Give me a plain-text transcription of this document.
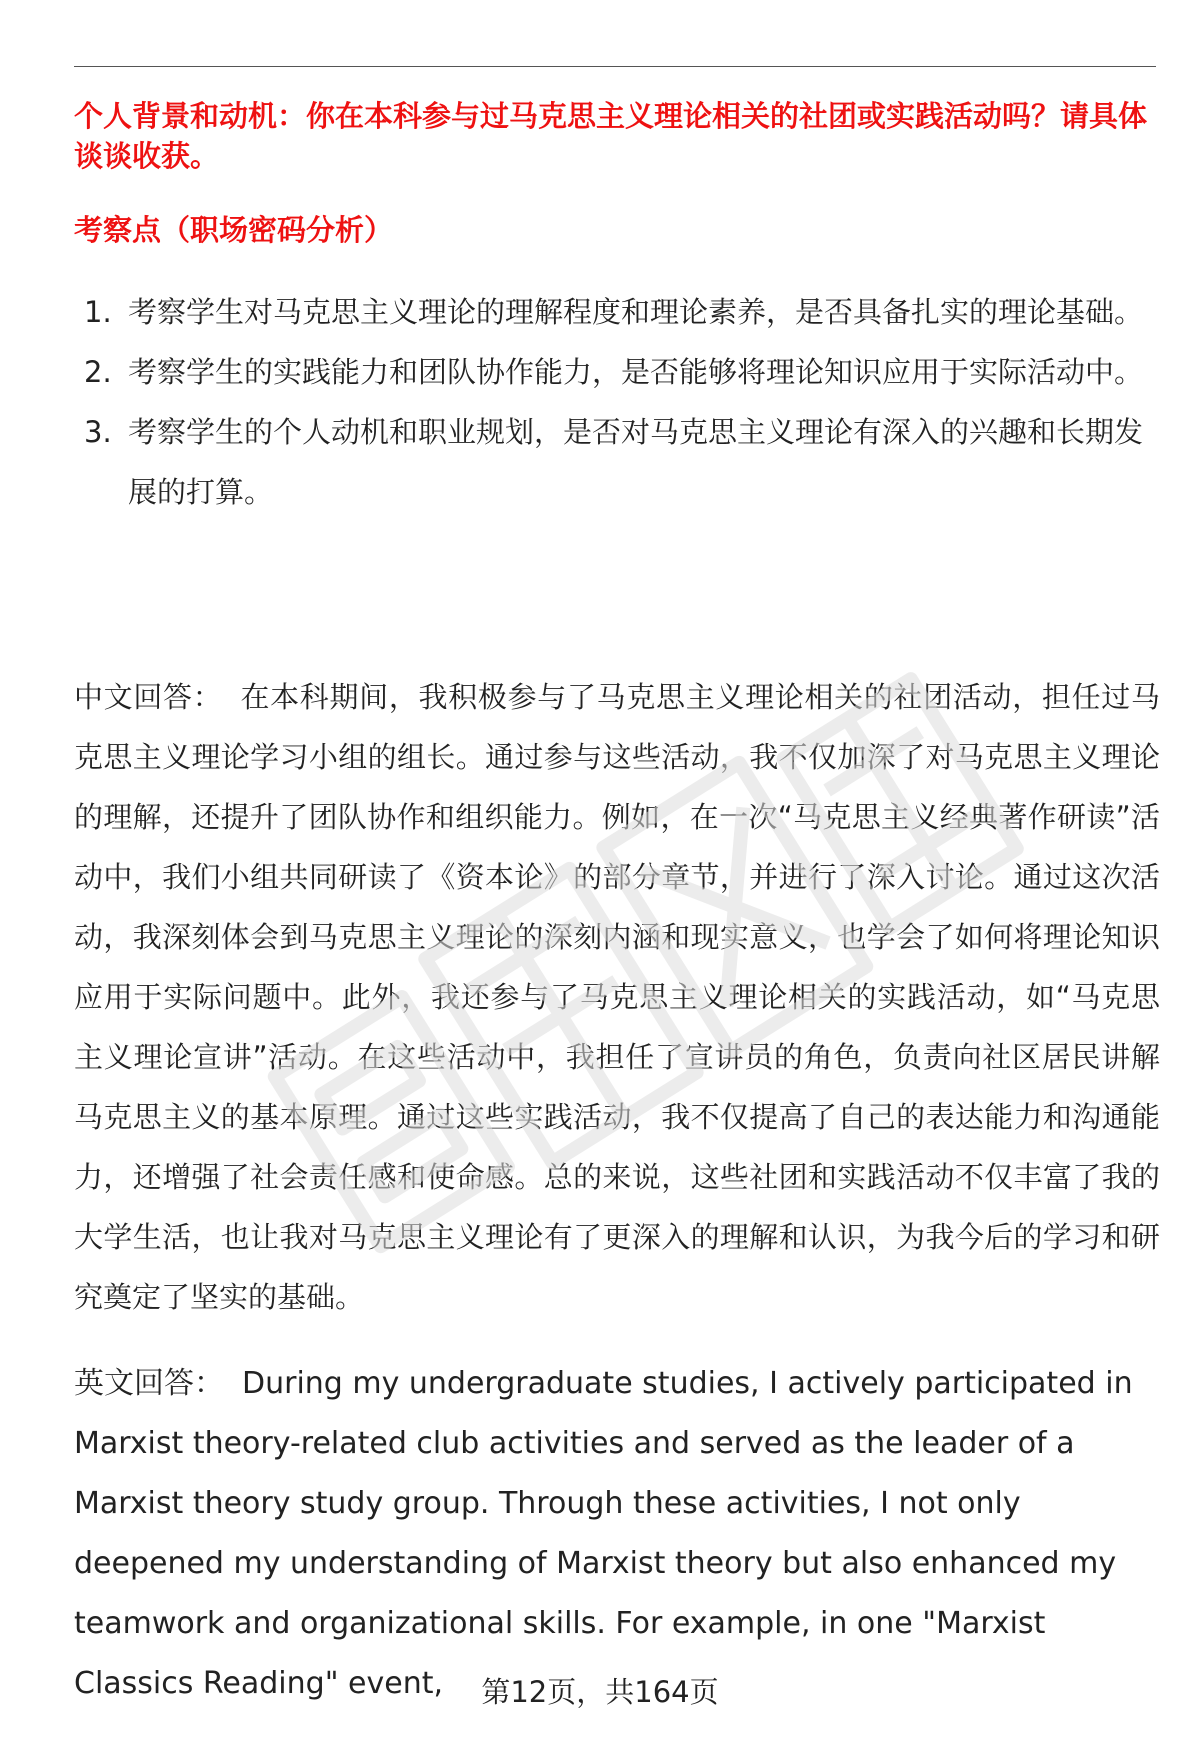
个人背景和动机：你在本科参与过马克思主义理论相关的社团或实践活动吗？请具体谈谈收获。
考察点（职场密码分析）
1. 考察学生对马克思主义理论的理解程度和理论素养，是否具备扎实的理论基础。
2. 考察学生的实践能力和团队协作能力，是否能够将理论知识应用于实际活动中。
3. 考察学生的个人动机和职业规划，是否对马克思主义理论有深入的兴趣和长期发展的打算。

中文回答： 在本科期间，我积极参与了马克思主义理论相关的社团活动，担任过马克思主义理论学习小组的组长。通过参与这些活动，我不仅加深了对马克思主义理论的理解，还提升了团队协作和组织能力。例如，在一次“马克思主义经典著作研读”活动中，我们小组共同研读了《资本论》的部分章节，并进行了深入讨论。通过这次活动，我深刻体会到马克思主义理论的深刻内涵和现实意义，也学会了如何将理论知识应用于实际问题中。此外，我还参与了马克思主义理论相关的实践活动，如“马克思主义理论宣讲”活动。在这些活动中，我担任了宣讲员的角色，负责向社区居民讲解马克思主义的基本原理。通过这些实践活动，我不仅提高了自己的表达能力和沟通能力，还增强了社会责任感和使命感。总的来说，这些社团和实践活动不仅丰富了我的大学生活，也让我对马克思主义理论有了更深入的理解和认识，为我今后的学习和研究奠定了坚实的基础。

英文回答： During my undergraduate studies, I actively participated in Marxist theory-related club activities and served as the leader of a Marxist theory study group. Through these activities, I not only deepened my understanding of Marxist theory but also enhanced my teamwork and organizational skills. For example, in one "Marxist Classics Reading" event,	第12页，共164页
